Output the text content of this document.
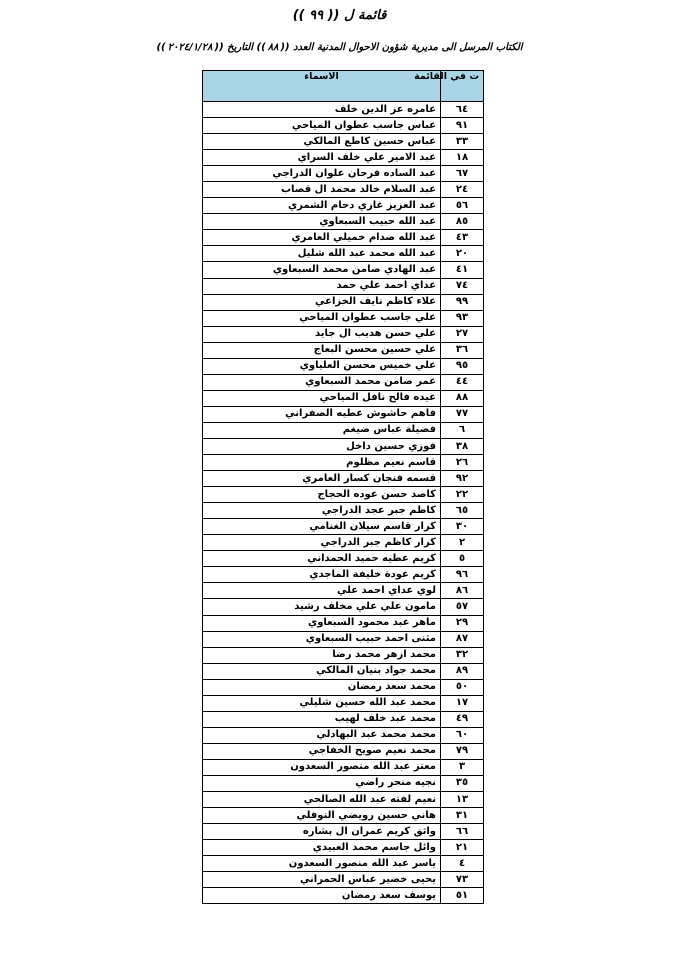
قائمة ل (( ٩٩ ))
الكتاب المرسل الى مديرية شؤون الاحوال المدنية العدد ((٨٨)) التاريخ ((٢٠٢٤/١/٢٨))
ت في القائمة	الاسماء
٦٤	عامره عز الدين خلف
٩١	عباس جاسب عطوان المياحي
٣٣	عباس حسين كاطع المالكي
١٨	عبد الامير علي خلف السراي
٦٧	عبد الساده فرحان علوان الدراجي
٢٤	عبد السلام خالد محمد ال قصاب
٥٦	عبد العزيز غازي دحام الشمري
٨٥	عبد الله حبيب السبعاوي
٤٣	عبد الله صدام خميلي العامري
٢٠	عبد الله محمد عبد الله شليل
٤١	عبد الهادي ضامن محمد السبعاوي
٧٤	عداي احمد علي حمد
٩٩	علاء كاظم نايف الخزاعي
٩٣	علي جاسب عطوان المياحي
٢٧	علي حسن هديب ال جايد
٣٦	علي حسين محسن البعاج
٩٥	علي خميس محسن العلياوي
٤٤	عمر ضامن محمد السبعاوي
٨٨	غيده فالح نافل المياحي
٧٧	فاهم حاشوش عطيه الصفراني
٦	فضيلة عباس ضيغم
٣٨	فوزي حسين داخل
٢٦	قاسم نعيم مظلوم
٩٢	قسمه فنجان كسار العامري
٢٢	كاصد حسن عوده الحجاج
٦٥	كاظم جبر عجد الدراجي
٣٠	كرار قاسم سيلان الغنامي
٢	كرار كاظم جبر الدراجي
٥	كريم عطيه حميد الحمداني
٩٦	كريم عودة خليفة الماجدي
٨٦	لوي عداي احمد علي
٥٧	مامون علي علي مخلف رشيد
٢٩	ماهر عبد محمود السبعاوي
٨٧	مثنى احمد حبيب السبعاوي
٣٢	محمد ازهر محمد رضا
٨٩	محمد جواد بنيان المالكي
٥٠	محمد سعد رمضان
١٧	محمد عبد الله حسين شليلي
٤٩	محمد عبد خلف لهيب
٦٠	محمد محمد عبد البهادلي
٧٩	محمد نعيم صويح الخفاجي
٣	معتز عبد الله منصور السعدون
٣٥	نجيه منحر راضي
١٣	نعيم لفته عبد الله الصالحي
٣١	هاني حسين رويضي النوفلي
٦٦	واثق كريم عمران ال بشاره
٢١	وائل جاسم محمد العبيدي
٤	ياسر عبد الله منصور السعدون
٧٣	يحيى خضير عباس الحمراني
٥١	يوسف سعد رمضان
